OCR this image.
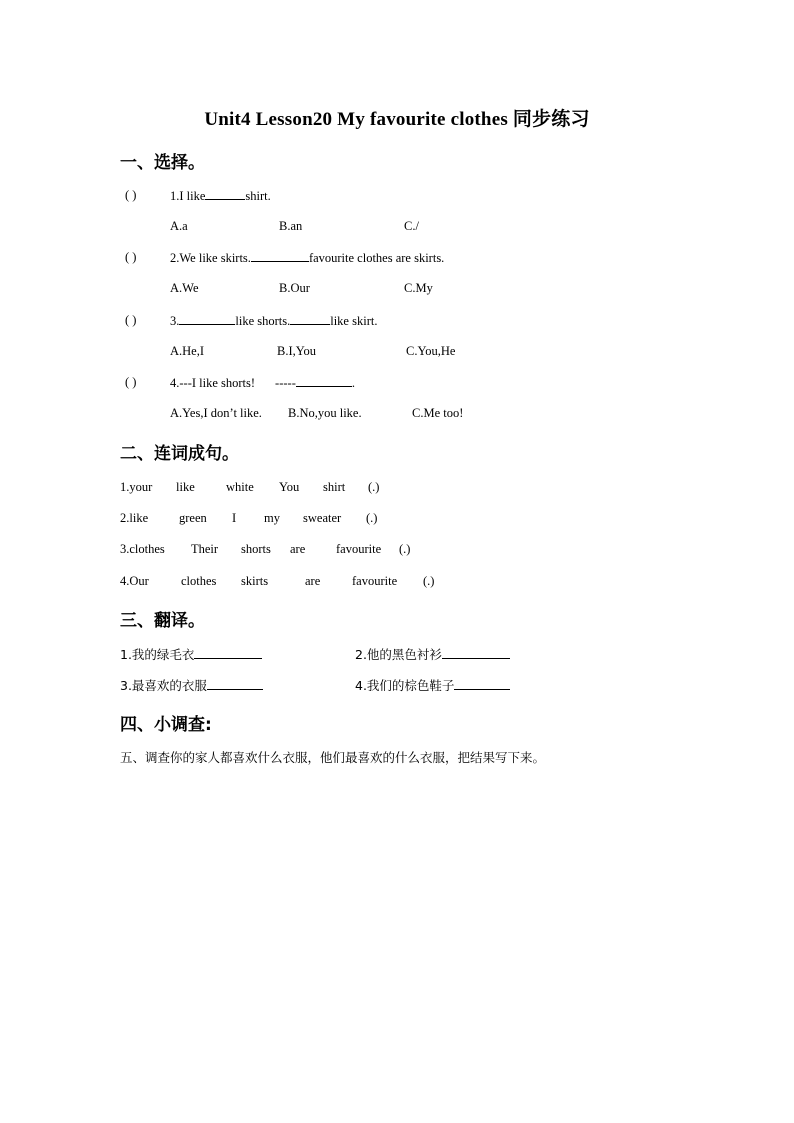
Unit4 Lesson20 My favourite clothes 同步练习
一、选择。
( )	1.I like	shirt.
A.a	B.an	C./
( )	2.We like skirts.	favourite clothes are skirts.
A.We	B.Our	C.My
( )	3.	like shorts.	like skirt.
A.He,I	B.I,You	C.You,He
( )	4.---I like shorts! -----	.
A.Yes,I don’t like. B.No,you like.	C.Me too!
二、连词成句。
1.your like	white You shirt (.)
2.like green I my sweater (.)
3.clothes Their shorts are favourite (.)
4.Our	clothes skirts	are	favourite (.)
三、翻译。
1.我的绿毛衣	2.他的黑色衬衫
3.最喜欢的衣服	4.我们的棕色鞋子
四、小调查:
五、调查你的家人都喜欢什么衣服，他们最喜欢的什么衣服，把结果写下来。
